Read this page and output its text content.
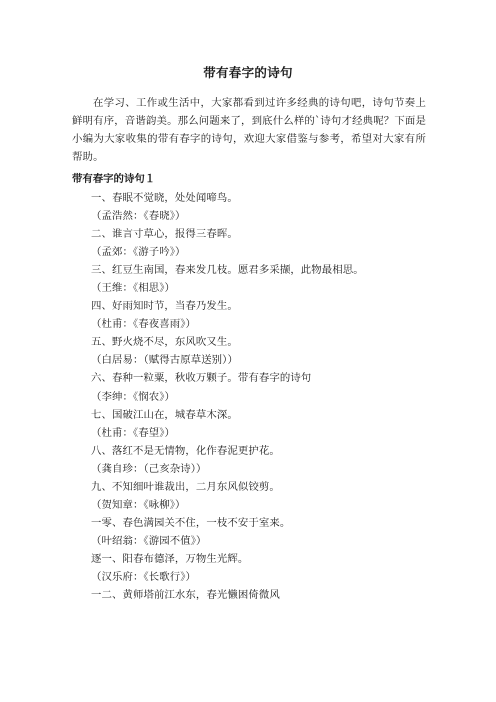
带有春字的诗句
在学习、工作或生活中，大家都看到过许多经典的诗句吧，诗句节奏上鲜明有序，音谐韵美。那么问题来了，到底什么样的`诗句才经典呢？下面是小编为大家收集的带有春字的诗句，欢迎大家借鉴与参考，希望对大家有所帮助。
带有春字的诗句１
一、春眠不觉晓，处处闻啼鸟。
（孟浩然：《春晓》）
二、谁言寸草心，报得三春晖。
（孟郊：《游子吟》）
三、红豆生南国，春来发几枝。愿君多采撷，此物最相思。
（王维：《相思》）
四、好雨知时节，当春乃发生。
（杜甫：《春夜喜雨》）
五、野火烧不尽，东风吹又生。
（白居易：（赋得古原草送别））
六、春种一粒粟，秋收万颗子。带有春字的诗句
（李绅：《悯农》）
七、国破江山在，城春草木深。
（杜甫：《春望》）
八、落红不是无情物，化作春泥更护花。
（龚自珍：（己亥杂诗））
九、不知细叶谁裁出，二月东风似铰剪。
（贺知章：《咏柳》）
一零、春色满园关不住，一枝不安于室来。
（叶绍翁：《游园不值》）
逐一、阳春布德泽，万物生光辉。
（汉乐府：《长歌行》）
一二、黄师塔前江水东，春光懒困倚微风
